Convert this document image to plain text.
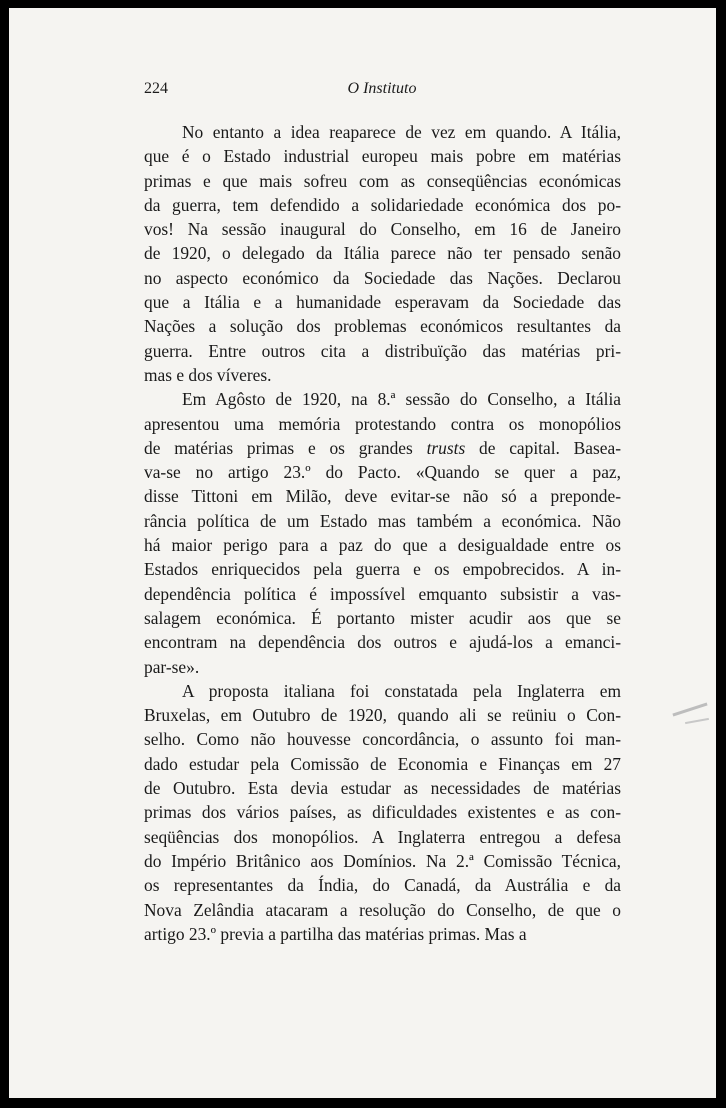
224	O Instituto
No entanto a idea reaparece de vez em quando. A Itália,
que é o Estado industrial europeu mais pobre em matérias
primas e que mais sofreu com as conseqüências económicas
da guerra, tem defendido a solidariedade económica dos po-
vos! Na sessão inaugural do Conselho, em 16 de Janeiro
de 1920, o delegado da Itália parece não ter pensado senão
no aspecto económico da Sociedade das Nações. Declarou
que a Itália e a humanidade esperavam da Sociedade das
Nações a solução dos problemas económicos resultantes da
guerra. Entre outros cita a distribuïção das matérias pri-
mas e dos víveres.
Em Agôsto de 1920, na 8.ª sessão do Conselho, a Itália
apresentou uma memória protestando contra os monopólios
de matérias primas e os grandes trusts de capital. Basea-
va-se no artigo 23.º do Pacto. «Quando se quer a paz,
disse Tittoni em Milão, deve evitar-se não só a preponde-
rância política de um Estado mas também a económica. Não
há maior perigo para a paz do que a desigualdade entre os
Estados enriquecidos pela guerra e os empobrecidos. A in-
dependência política é impossível emquanto subsistir a vas-
salagem económica. É portanto mister acudir aos que se
encontram na dependência dos outros e ajudá-los a emanci-
par-se».
A proposta italiana foi constatada pela Inglaterra em
Bruxelas, em Outubro de 1920, quando ali se reüniu o Con-
selho. Como não houvesse concordância, o assunto foi man-
dado estudar pela Comissão de Economia e Finanças em 27
de Outubro. Esta devia estudar as necessidades de matérias
primas dos vários países, as dificuldades existentes e as con-
seqüências dos monopólios. A Inglaterra entregou a defesa
do Império Britânico aos Domínios. Na 2.ª Comissão Técnica,
os representantes da Índia, do Canadá, da Austrália e da
Nova Zelândia atacaram a resolução do Conselho, de que o
artigo 23.º previa a partilha das matérias primas. Mas a
